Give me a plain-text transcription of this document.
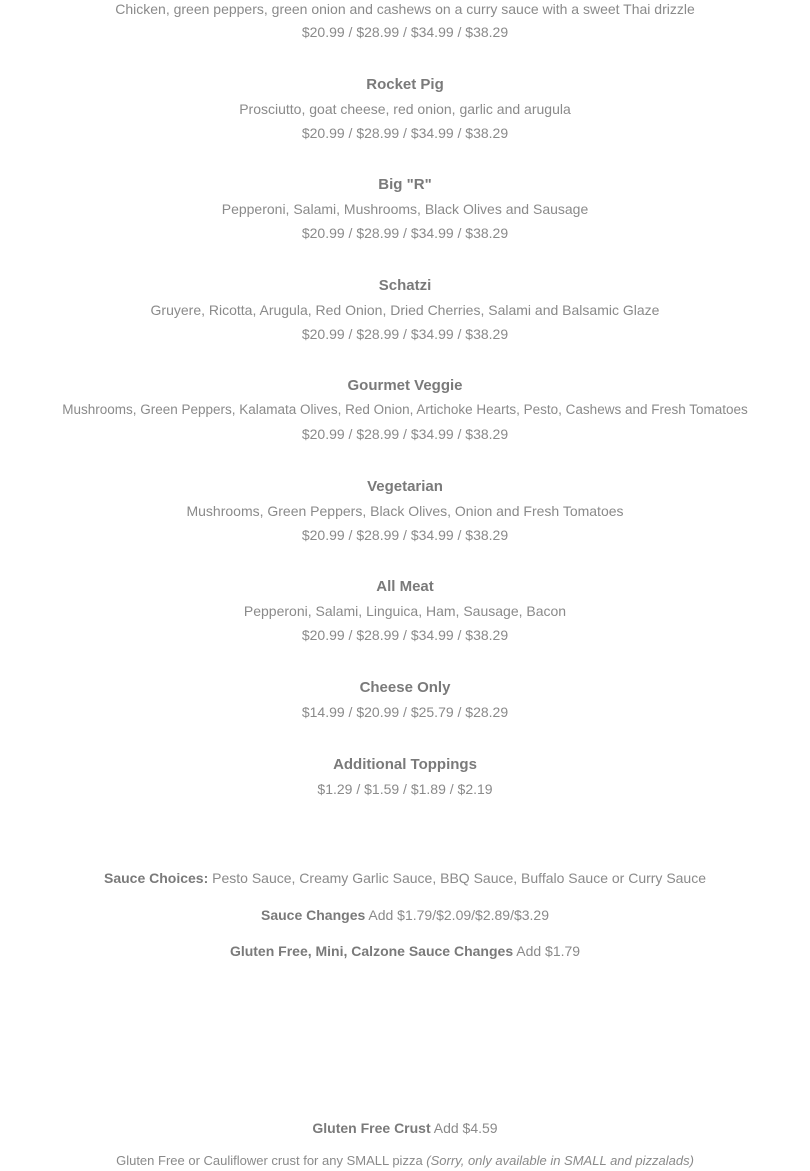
Chicken, green peppers, green onion and cashews on a curry sauce with a sweet Thai drizzle
$20.99 / $28.99 / $34.99 / $38.29
Rocket Pig
Prosciutto, goat cheese, red onion, garlic and arugula
$20.99 / $28.99 / $34.99 / $38.29
Big "R"
Pepperoni, Salami, Mushrooms, Black Olives and Sausage
$20.99 / $28.99 / $34.99 / $38.29
Schatzi
Gruyere, Ricotta, Arugula, Red Onion, Dried Cherries, Salami and Balsamic Glaze
$20.99 / $28.99 / $34.99 / $38.29
Gourmet Veggie
Mushrooms, Green Peppers, Kalamata Olives, Red Onion, Artichoke Hearts, Pesto, Cashews and Fresh Tomatoes
$20.99 / $28.99 / $34.99 / $38.29
Vegetarian
Mushrooms, Green Peppers, Black Olives, Onion and Fresh Tomatoes
$20.99 / $28.99 / $34.99 / $38.29
All Meat
Pepperoni, Salami, Linguica, Ham, Sausage, Bacon
$20.99 / $28.99 / $34.99 / $38.29
Cheese Only
$14.99 / $20.99 / $25.79 / $28.29
Additional Toppings
$1.29 / $1.59 / $1.89 / $2.19
Sauce Choices: Pesto Sauce, Creamy Garlic Sauce, BBQ Sauce, Buffalo Sauce or Curry Sauce
Sauce Changes Add $1.79/$2.09/$2.89/$3.29
Gluten Free, Mini, Calzone Sauce Changes Add $1.79
Gluten Free Crust Add $4.59
Gluten Free or Cauliflower crust for any SMALL pizza (Sorry, only available in SMALL and pizzalads)
